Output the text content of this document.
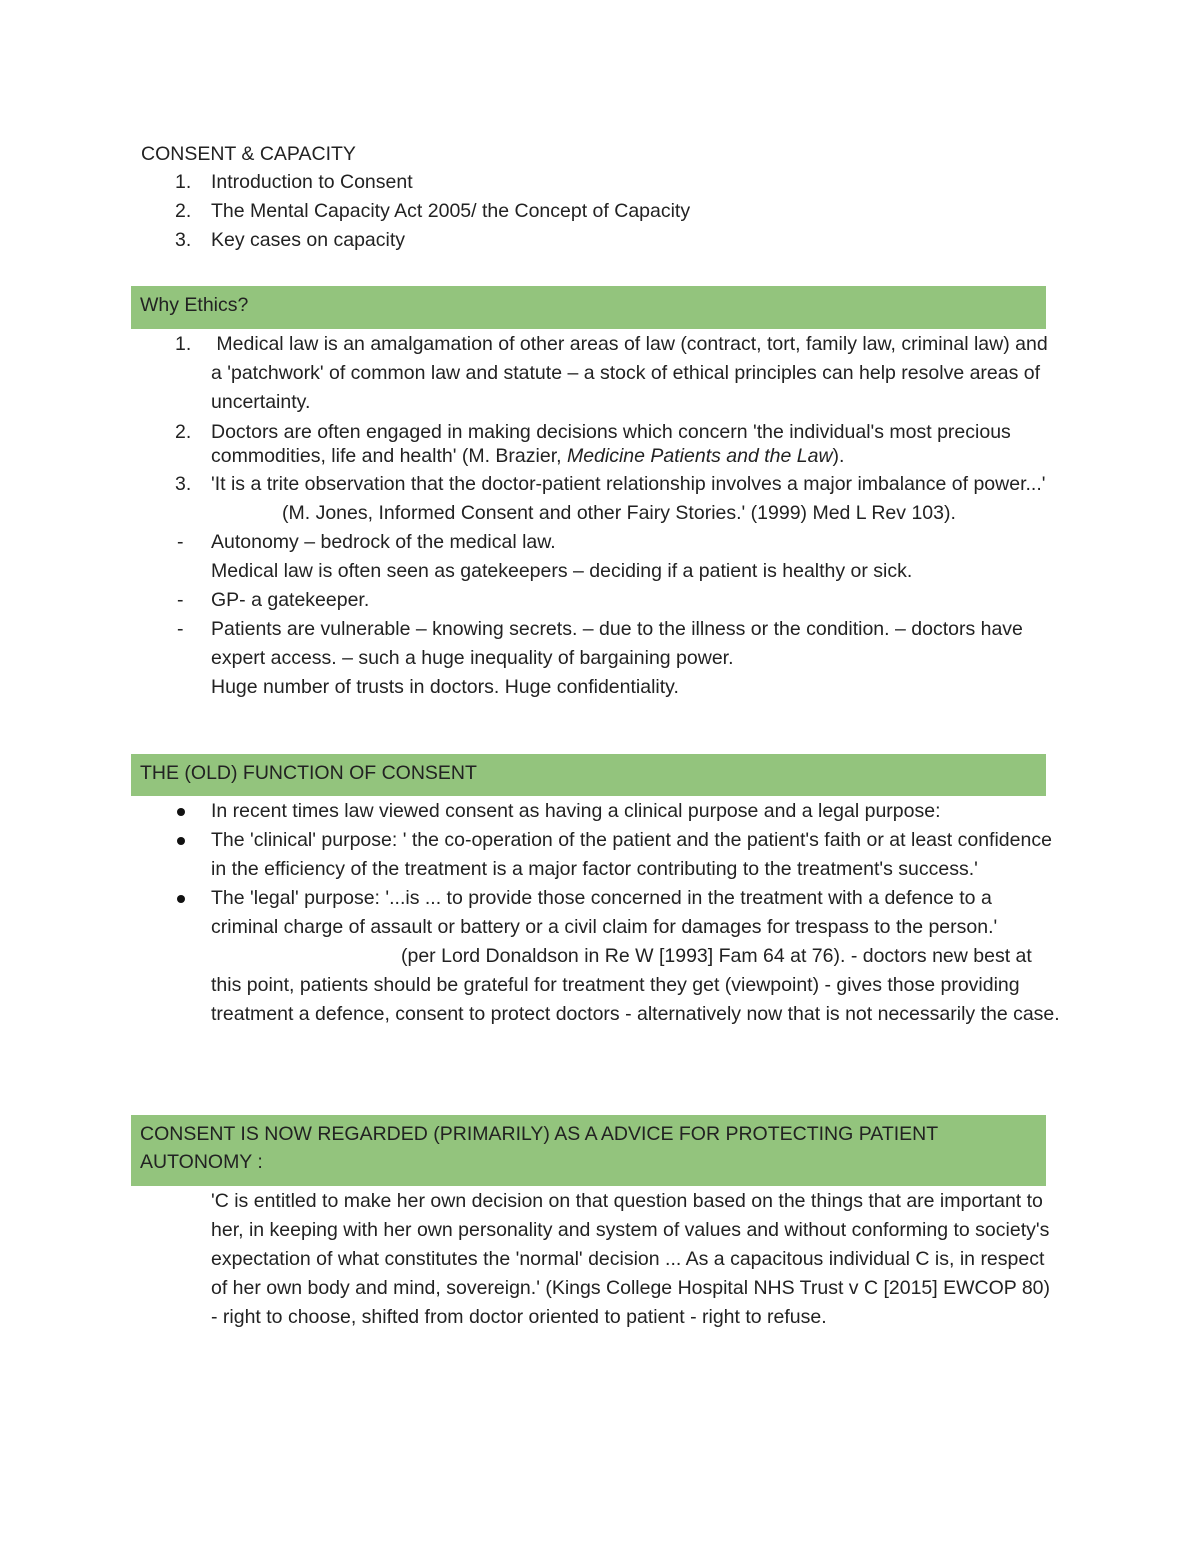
CONSENT & CAPACITY
1. Introduction to Consent
2. The Mental Capacity Act 2005/ the Concept of Capacity
3. Key cases on capacity
Why Ethics?
1. Medical law is an amalgamation of other areas of law (contract, tort, family law, criminal law) and a 'patchwork' of common law and statute – a stock of ethical principles can help resolve areas of uncertainty.
2. Doctors are often engaged in making decisions which concern 'the individual's most precious commodities, life and health' (M. Brazier, Medicine Patients and the Law).
3. 'It is a trite observation that the doctor-patient relationship involves a major imbalance of power...'
(M. Jones, Informed Consent and other Fairy Stories.' (1999) Med L Rev 103).
- Autonomy – bedrock of the medical law.
Medical law is often seen as gatekeepers – deciding if a patient is healthy or sick.
- GP- a gatekeeper.
- Patients are vulnerable – knowing secrets. – due to the illness or the condition. – doctors have expert access. – such a huge inequality of bargaining power.
Huge number of trusts in doctors. Huge confidentiality.
THE (OLD) FUNCTION OF CONSENT
In recent times law viewed consent as having a clinical purpose and a legal purpose:
The 'clinical' purpose: ' the co-operation of the patient and the patient's faith or at least confidence in the efficiency of the treatment is a major factor contributing to the treatment's success.'
The 'legal' purpose: '...is ... to provide those concerned in the treatment with a defence to a criminal charge of assault or battery or a civil claim for damages for trespass to the person.'(per Lord Donaldson in Re W [1993] Fam 64 at 76). - doctors new best at this point, patients should be grateful for treatment they get (viewpoint) - gives those providing treatment a defence, consent to protect doctors - alternatively now that is not necessarily the case.
CONSENT IS NOW REGARDED (PRIMARILY) AS A ADVICE FOR PROTECTING PATIENT AUTONOMY :
'C is entitled to make her own decision on that question based on the things that are important to her, in keeping with her own personality and system of values and without conforming to society's expectation of what constitutes the 'normal' decision ... As a capacitous individual C is, in respect of her own body and mind, sovereign.' (Kings College Hospital NHS Trust v C [2015] EWCOP 80) - right to choose, shifted from doctor oriented to patient - right to refuse.
